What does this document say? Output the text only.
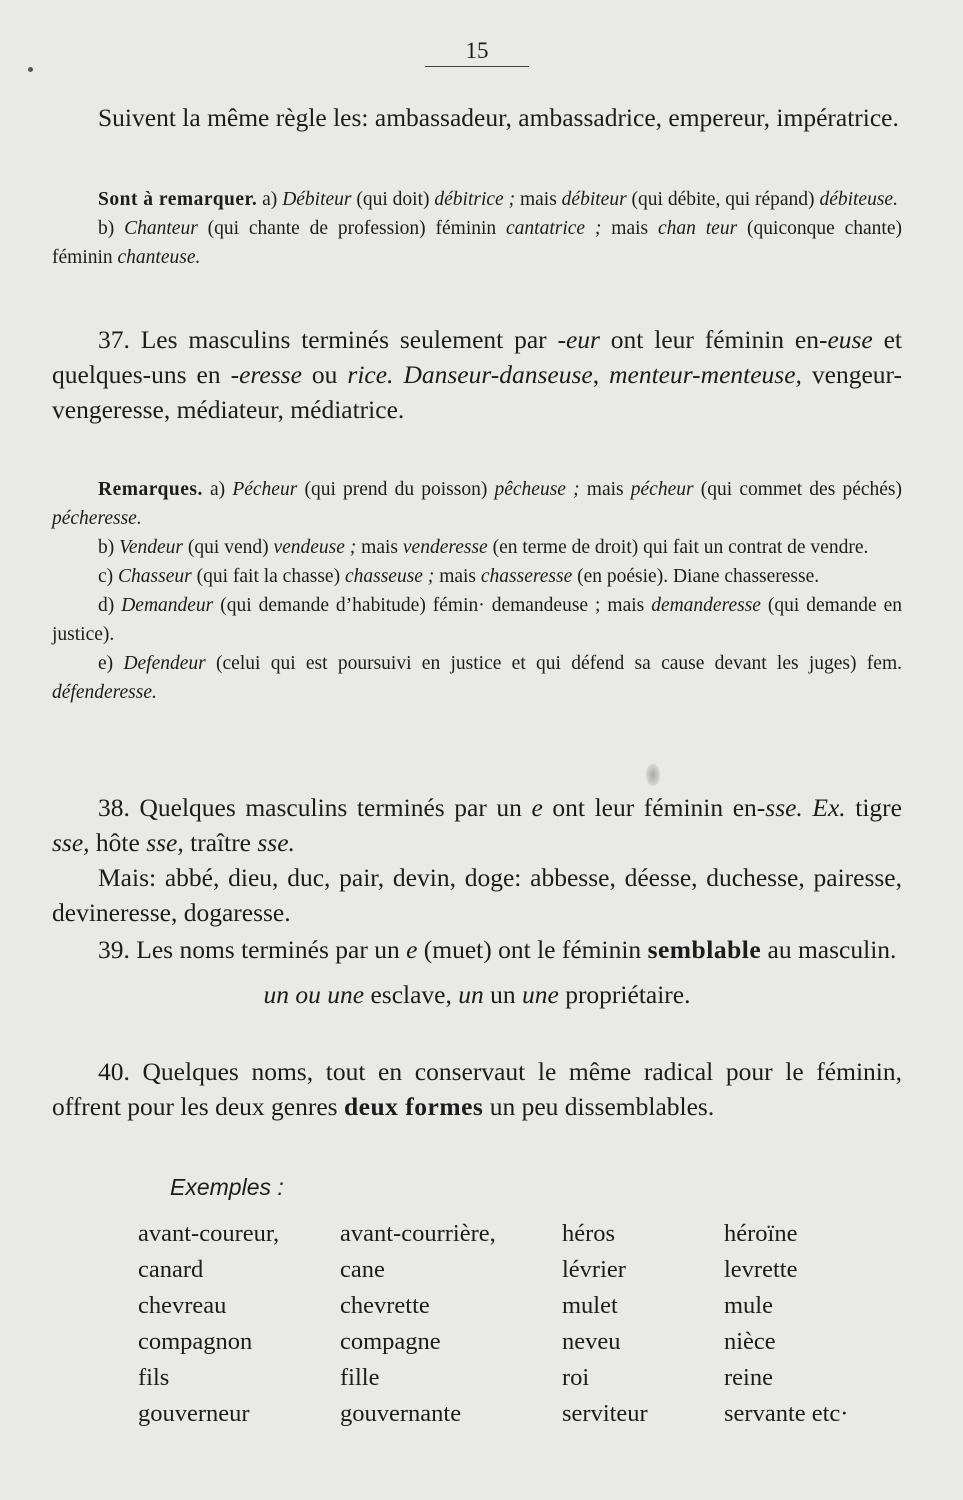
15

Suivent la même règle les: ambassadeur, ambassadrice, empereur, impératrice.

Sont à remarquer. a) Débiteur (qui doit) débitrice ; mais débiteur (qui débite, qui répand) débiteuse.

b) Chanteur (qui chante de profession) féminin cantatrice ; mais chan teur (quiconque chante) féminin chanteuse.

37. Les masculins terminés seulement par -eur ont leur féminin en-euse et quelques-uns en -eresse ou rice. Danseur-danseuse, menteur-menteuse, vengeur-vengeresse, médiateur, médiatrice.

Remarques. a) Pécheur (qui prend du poisson) pêcheuse ; mais pécheur (qui commet des péchés) pécheresse.

b) Vendeur (qui vend) vendeuse ; mais venderesse (en terme de droit) qui fait un contrat de vendre.

c) Chasseur (qui fait la chasse) chasseuse ; mais chasseresse (en poésie). Diane chasseresse.

d) Demandeur (qui demande d’habitude) fémin· demandeuse ; mais demanderesse (qui demande en justice).

e) Defendeur (celui qui est poursuivi en justice et qui défend sa cause devant les juges) fem. défenderesse.

38. Quelques masculins terminés par un e ont leur féminin en-sse. Ex. tigre sse, hôte sse, traître sse.

Mais: abbé, dieu, duc, pair, devin, doge: abbesse, déesse, duchesse, pairesse, devineresse, dogaresse.

39. Les noms terminés par un e (muet) ont le féminin semblable au masculin.

un ou une esclave, un un une propriétaire.

40. Quelques noms, tout en conservaut le même radical pour le féminin, offrent pour les deux genres deux formes un peu dissemblables.

Exemples :
avant-coureur,	avant-courrière,	héros	héroïne
canard	cane	lévrier	levrette
chevreau	chevrette	mulet	mule
compagnon	compagne	neveu	nièce
fils	fille	roi	reine
gouverneur	gouvernante	serviteur	servante etc·
